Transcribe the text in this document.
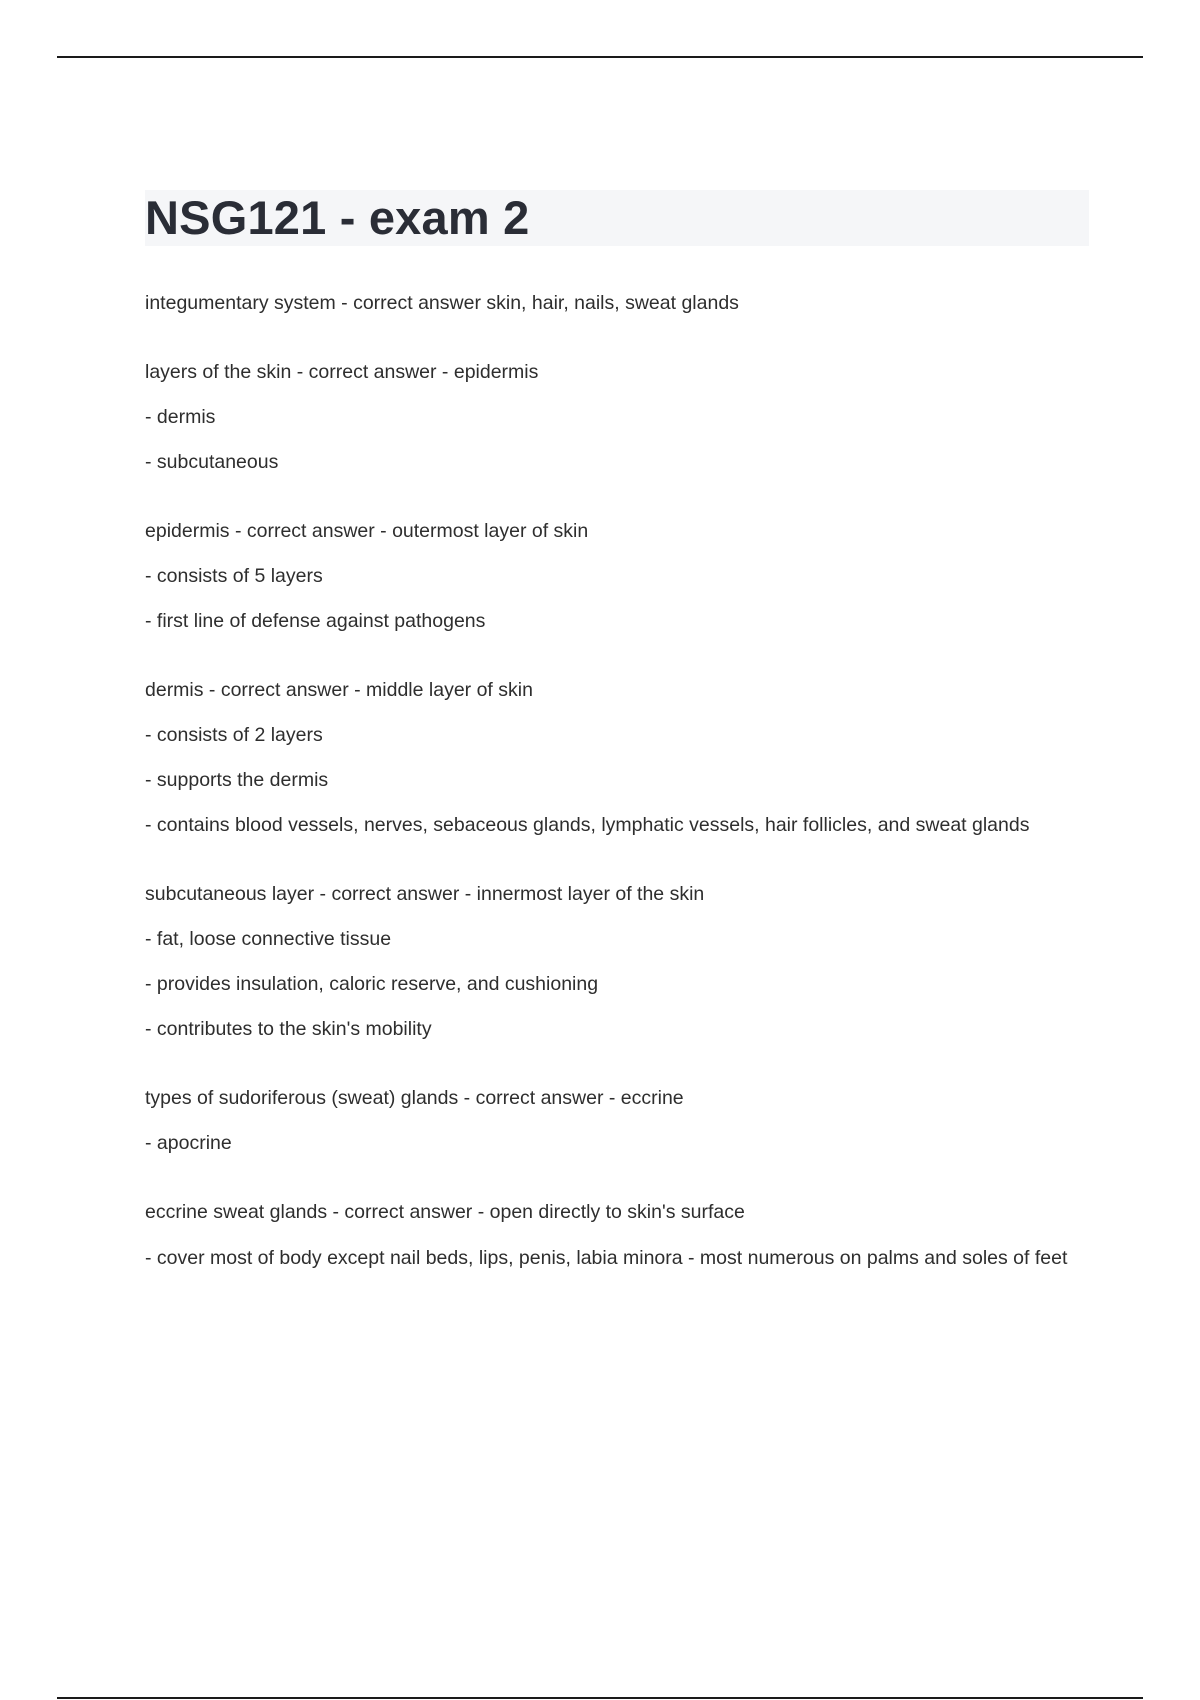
NSG121 - exam 2

integumentary system - correct answer skin, hair, nails, sweat glands

layers of the skin - correct answer - epidermis

- dermis

- subcutaneous

epidermis - correct answer - outermost layer of skin

- consists of 5 layers

- first line of defense against pathogens

dermis - correct answer - middle layer of skin

- consists of 2 layers

- supports the dermis

- contains blood vessels, nerves, sebaceous glands, lymphatic vessels, hair follicles, and sweat glands

subcutaneous layer - correct answer - innermost layer of the skin

- fat, loose connective tissue

- provides insulation, caloric reserve, and cushioning

- contributes to the skin's mobility

types of sudoriferous (sweat) glands - correct answer - eccrine

- apocrine

eccrine sweat glands - correct answer - open directly to skin's surface

- cover most of body except nail beds, lips, penis, labia minora - most numerous on palms and soles of feet
